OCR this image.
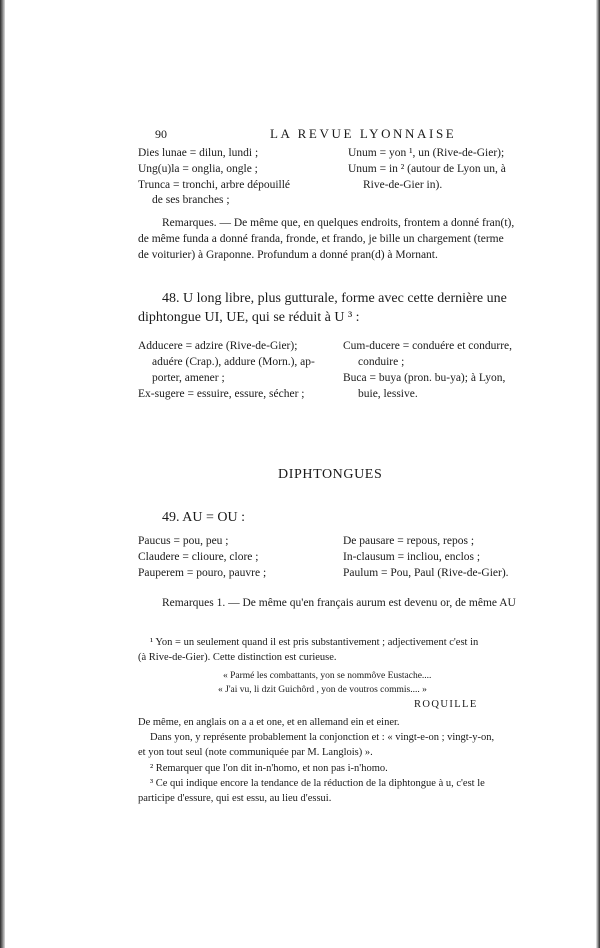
90	LA REVUE LYONNAISE
Dies lunae = dilun, lundi ;
Ung(u)la = onglia, ongle ;
Trunca = tronchi, arbre dépouillé
de ses branches ;
Unum = yon ¹, un (Rive-de-Gier);
Unum = in ² (autour de Lyon un, à
Rive-de-Gier in).
Remarques. — De même que, en quelques endroits, frontem a donné fran(t),
de même funda a donné franda, fronde, et frando, je bille un chargement (terme
de voiturier) à Graponne. Profundum a donné pran(d) à Mornant.
48. U long libre, plus gutturale, forme avec cette dernière une
diphtongue UI, UE, qui se réduit à U ³ :
Adducere = adzire (Rive-de-Gier);
aduére (Crap.), addure (Morn.), ap-
porter, amener ;
Ex-sugere = essuire, essure, sécher ;
Cum-ducere = conduére et condurre,
conduire ;
Buca = buya (pron. bu-ya); à Lyon,
buie, lessive.
DIPHTONGUES
49. AU = OU :
Paucus = pou, peu ;
Claudere = clioure, clore ;
Pauperem = pouro, pauvre ;
De pausare = repous, repos ;
In-clausum = incliou, enclos ;
Paulum = Pou, Paul (Rive-de-Gier).
Remarques 1. — De même qu'en français aurum est devenu or, de même AU
¹ Yon = un seulement quand il est pris substantivement ; adjectivement c'est in
(à Rive-de-Gier). Cette distinction est curieuse.
« Parmé les combattants, yon se nommôve Eustache....
« J'ai vu, li dzit Guichôrd , yon de voutros commis.... »
ROQUILLE
De même, en anglais on a a et one, et en allemand ein et einer.
Dans yon, y représente probablement la conjonction et : « vingt-e-on ; vingt-y-on,
et yon tout seul (note communiquée par M. Langlois) ».
² Remarquer que l'on dit in-n'homo, et non pas i-n'homo.
³ Ce qui indique encore la tendance de la réduction de la diphtongue à u, c'est le
participe d'essure, qui est essu, au lieu d'essui.
